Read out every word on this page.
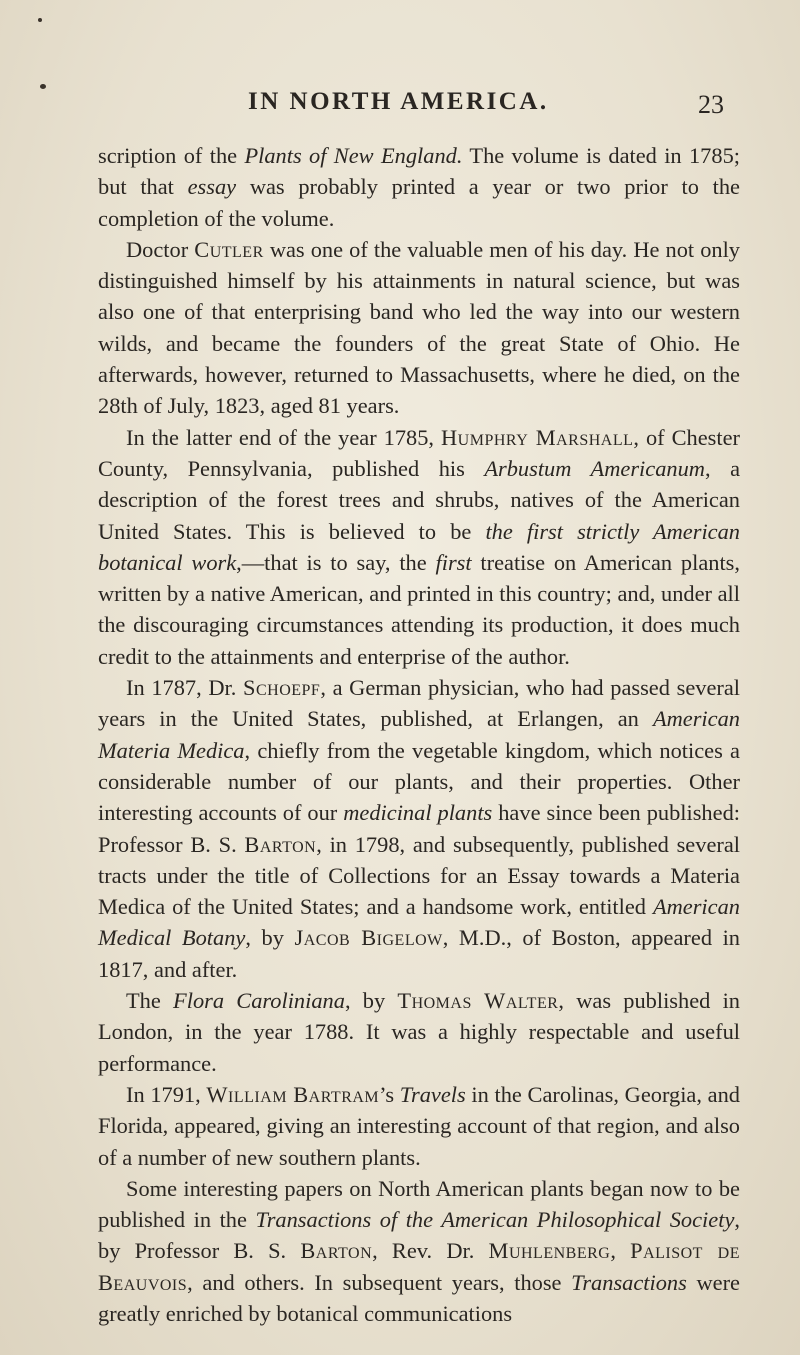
IN NORTH AMERICA.	23

scription of the Plants of New England. The volume is dated in 1785; but that essay was probably printed a year or two prior to the completion of the volume.

Doctor Cutler was one of the valuable men of his day. He not only distinguished himself by his attainments in natural science, but was also one of that enterprising band who led the way into our western wilds, and became the founders of the great State of Ohio. He afterwards, however, returned to Massachusetts, where he died, on the 28th of July, 1823, aged 81 years.

In the latter end of the year 1785, Humphry Marshall, of Chester County, Pennsylvania, published his Arbustum Americanum, a description of the forest trees and shrubs, natives of the American United States. This is believed to be the first strictly American botanical work,—that is to say, the first treatise on American plants, written by a native American, and printed in this country; and, under all the discouraging circumstances attending its production, it does much credit to the attainments and enterprise of the author.

In 1787, Dr. Schoepf, a German physician, who had passed several years in the United States, published, at Erlangen, an American Materia Medica, chiefly from the vegetable kingdom, which notices a considerable number of our plants, and their properties. Other interesting accounts of our medicinal plants have since been published: Professor B. S. Barton, in 1798, and subsequently, published several tracts under the title of Collections for an Essay towards a Materia Medica of the United States; and a handsome work, entitled American Medical Botany, by Jacob Bigelow, M.D., of Boston, appeared in 1817, and after.

The Flora Caroliniana, by Thomas Walter, was published in London, in the year 1788. It was a highly respectable and useful performance.

In 1791, William Bartram’s Travels in the Carolinas, Georgia, and Florida, appeared, giving an interesting account of that region, and also of a number of new southern plants.

Some interesting papers on North American plants began now to be published in the Transactions of the American Philosophical Society, by Professor B. S. Barton, Rev. Dr. Muhlenberg, Palisot de Beauvois, and others. In subsequent years, those Transactions were greatly enriched by botanical communications
